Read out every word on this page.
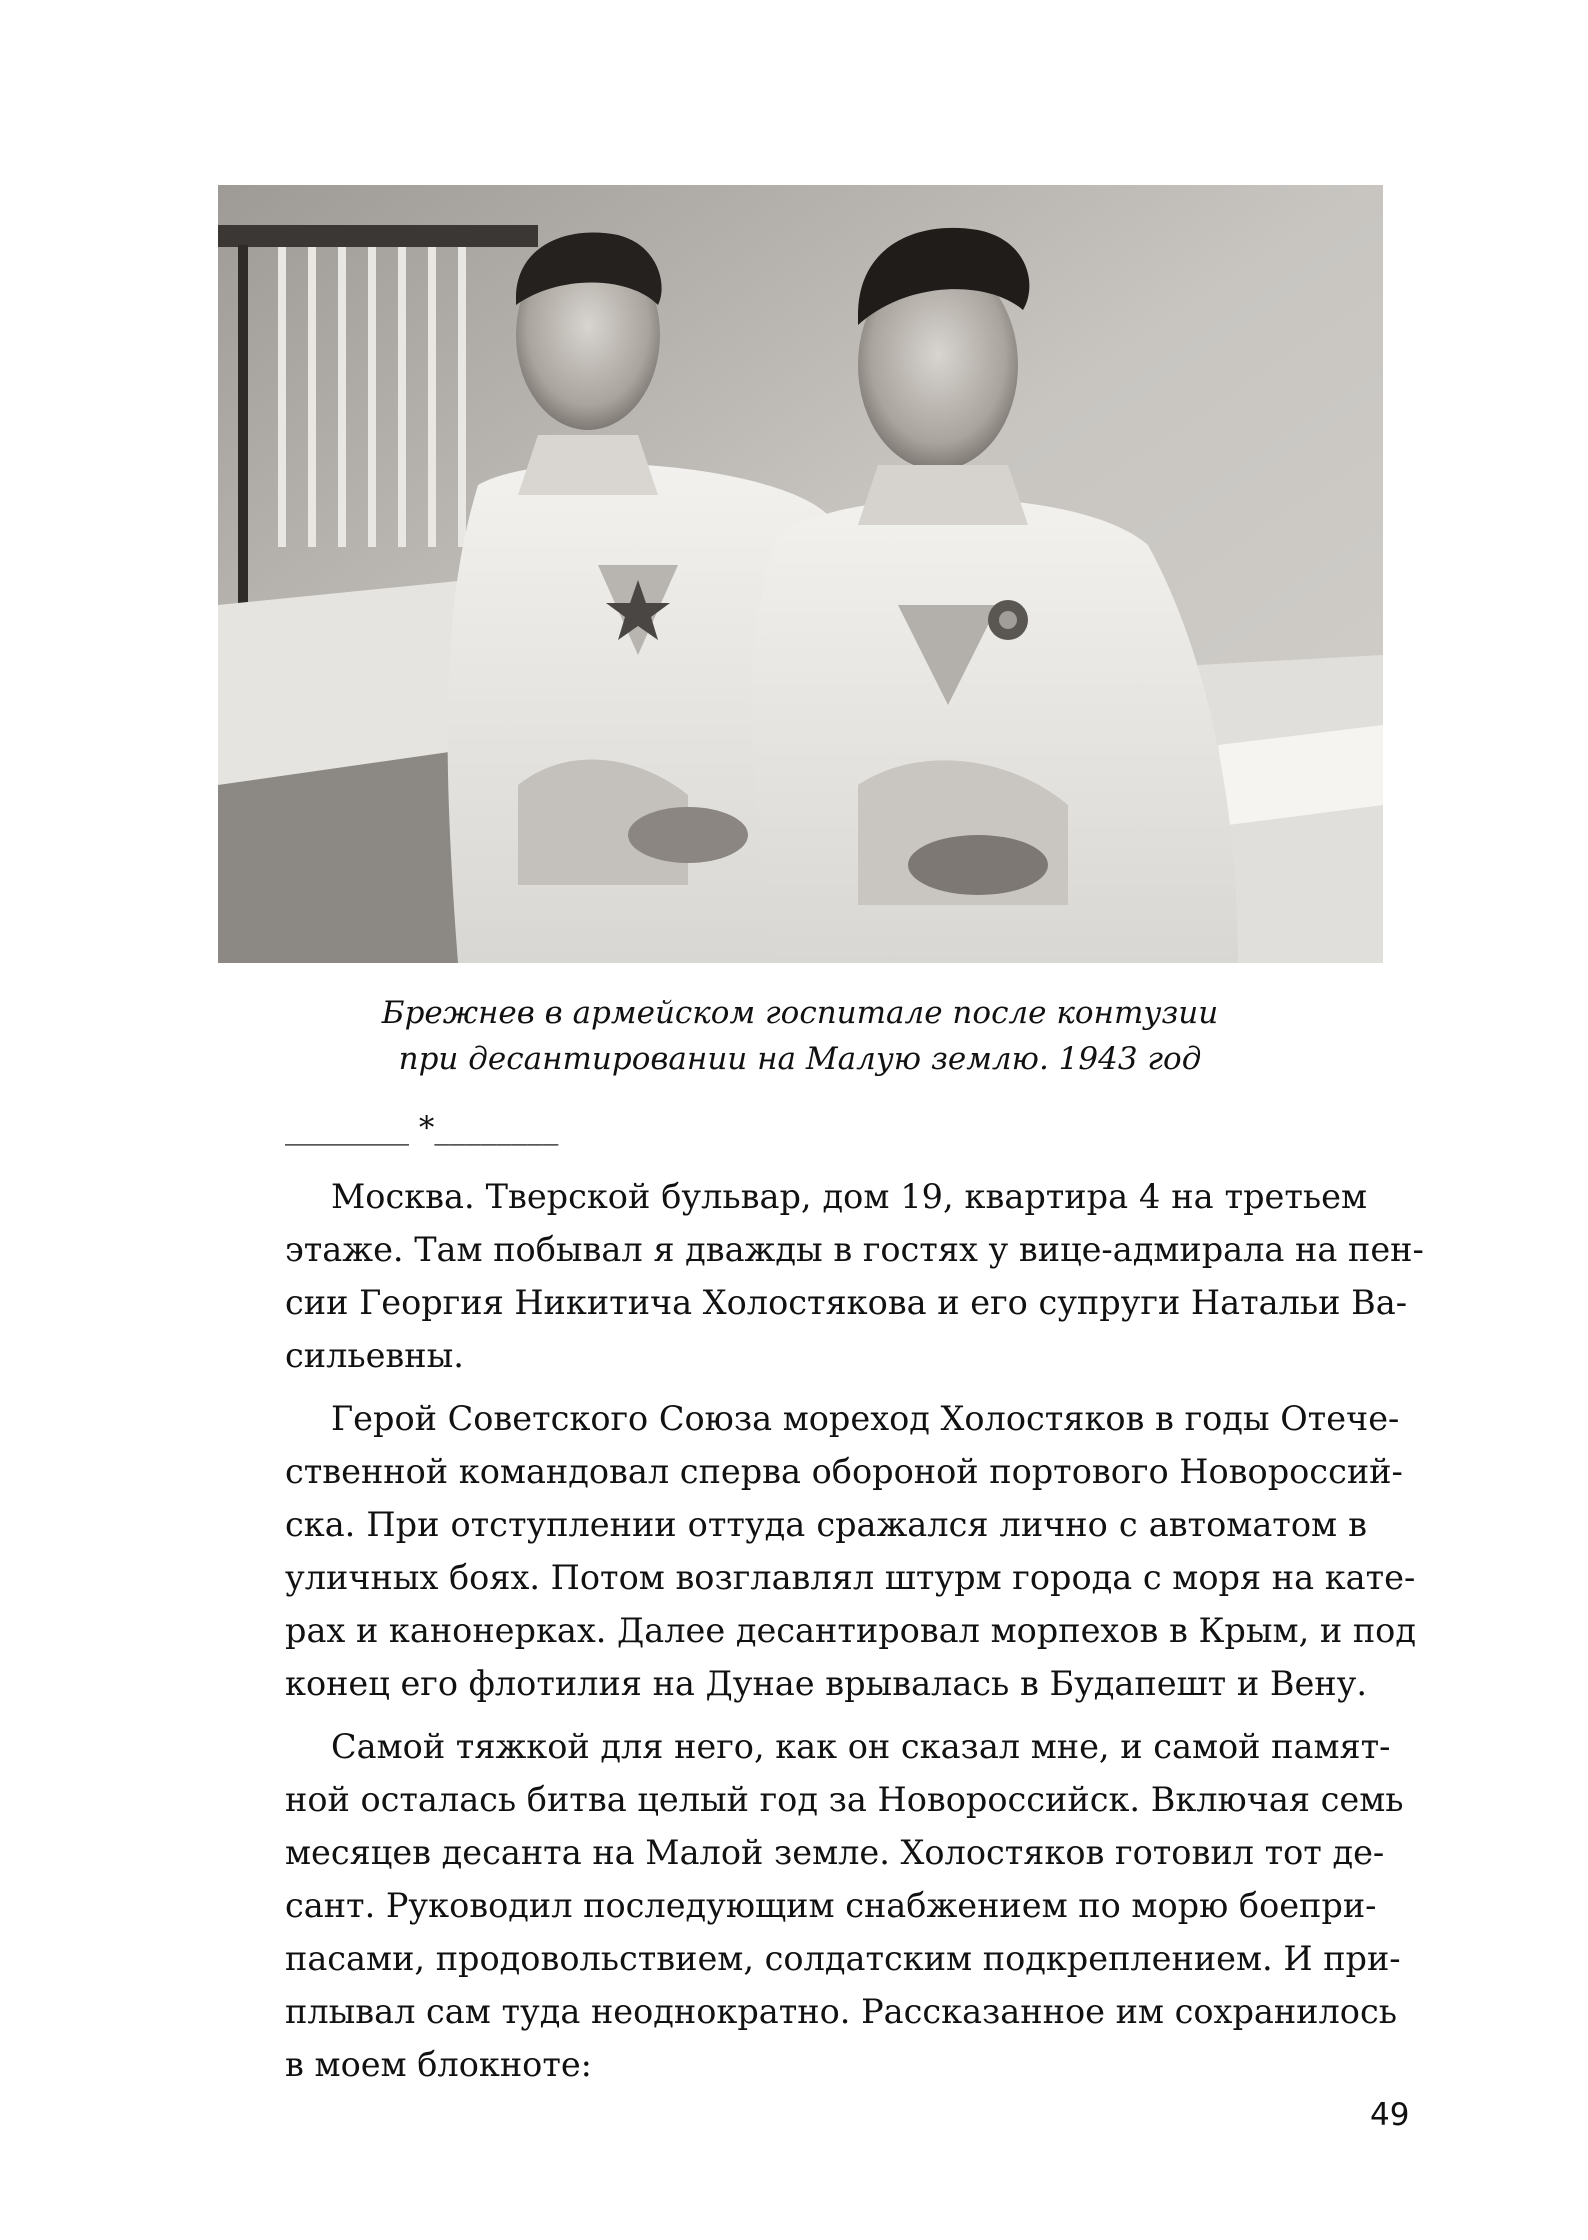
Брежнев в армейском госпитале после контузии
при десантировании на Малую землю. 1943 год
________ *________

Москва. Тверской бульвар, дом 19, квартира 4 на третьем
этаже. Там побывал я дважды в гостях у вице-адмирала на пен-
сии Георгия Никитича Холостякова и его супруги Натальи Ва-
сильевны.

Герой Советского Союза мореход Холостяков в годы Отече-
ственной командовал сперва обороной портового Новороссий-
ска. При отступлении оттуда сражался лично с автоматом в
уличных боях. Потом возглавлял штурм города с моря на кате-
рах и канонерках. Далее десантировал морпехов в Крым, и под
конец его флотилия на Дунае врывалась в Будапешт и Вену.

Самой тяжкой для него, как он сказал мне, и самой памят-
ной осталась битва целый год за Новороссийск. Включая семь
месяцев десанта на Малой земле. Холостяков готовил тот де-
сант. Руководил последующим снабжением по морю боепри-
пасами, продовольствием, солдатским подкреплением. И при-
плывал сам туда неоднократно. Рассказанное им сохранилось
в моем блокноте:

49
